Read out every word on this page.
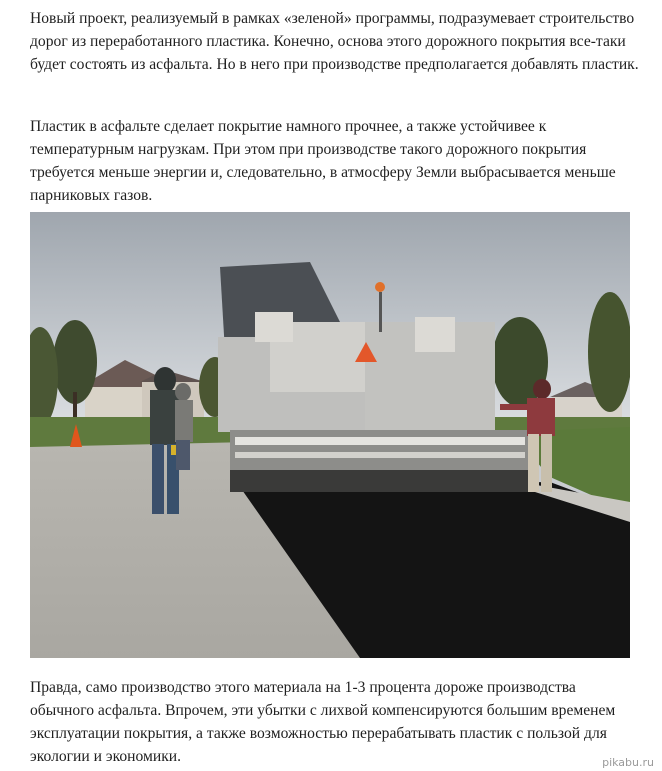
Новый проект, реализуемый в рамках «зеленой» программы, подразумевает строительство дорог из переработанного пластика. Конечно, основа этого дорожного покрытия все-таки будет состоять из асфальта. Но в него при производстве предполагается добавлять пластик.

Пластик в асфальте сделает покрытие намного прочнее, а также устойчивее к температурным нагрузкам. При этом при производстве такого дорожного покрытия требуется меньше энергии и, следовательно, в атмосферу Земли выбрасывается меньше парниковых газов.

Правда, само производство этого материала на 1-3 процента дороже производства обычного асфальта. Впрочем, эти убытки с лихвой компенсируются большим временем эксплуатации покрытия, а также возможностью перерабатывать пластик с пользой для экологии и экономики.	pikabu.ru
